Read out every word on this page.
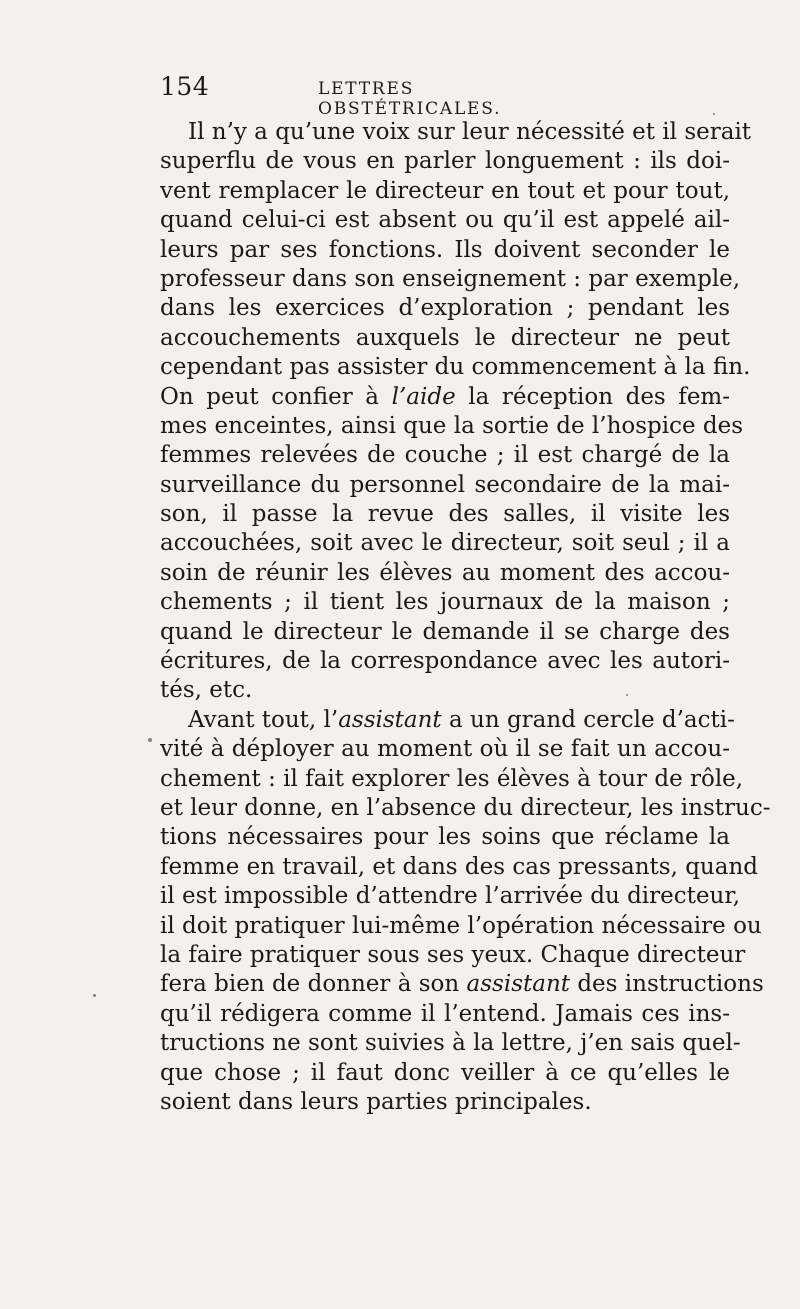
154	LETTRES OBSTÉTRICALES.
Il n’y a qu’une voix sur leur nécessité et il serait
superflu de vous en parler longuement : ils doi-
vent remplacer le directeur en tout et pour tout,
quand celui-ci est absent ou qu’il est appelé ail-
leurs par ses fonctions. Ils doivent seconder le
professeur dans son enseignement : par exemple,
dans les exercices d’exploration ; pendant les
accouchements auxquels le directeur ne peut
cependant pas assister du commencement à la fin.
On peut confier à l’aide la réception des fem-
mes enceintes, ainsi que la sortie de l’hospice des
femmes relevées de couche ; il est chargé de la
surveillance du personnel secondaire de la mai-
son, il passe la revue des salles, il visite les
accouchées, soit avec le directeur, soit seul ; il a
soin de réunir les élèves au moment des accou-
chements ; il tient les journaux de la maison ;
quand le directeur le demande il se charge des
écritures, de la correspondance avec les autori-
tés, etc.
Avant tout, l’assistant a un grand cercle d’acti-
vité à déployer au moment où il se fait un accou-
chement : il fait explorer les élèves à tour de rôle,
et leur donne, en l’absence du directeur, les instruc-
tions nécessaires pour les soins que réclame la
femme en travail, et dans des cas pressants, quand
il est impossible d’attendre l’arrivée du directeur,
il doit pratiquer lui-même l’opération nécessaire ou
la faire pratiquer sous ses yeux. Chaque directeur
fera bien de donner à son assistant des instructions
qu’il rédigera comme il l’entend. Jamais ces ins-
tructions ne sont suivies à la lettre, j’en sais quel-
que chose ; il faut donc veiller à ce qu’elles le
soient dans leurs parties principales.
